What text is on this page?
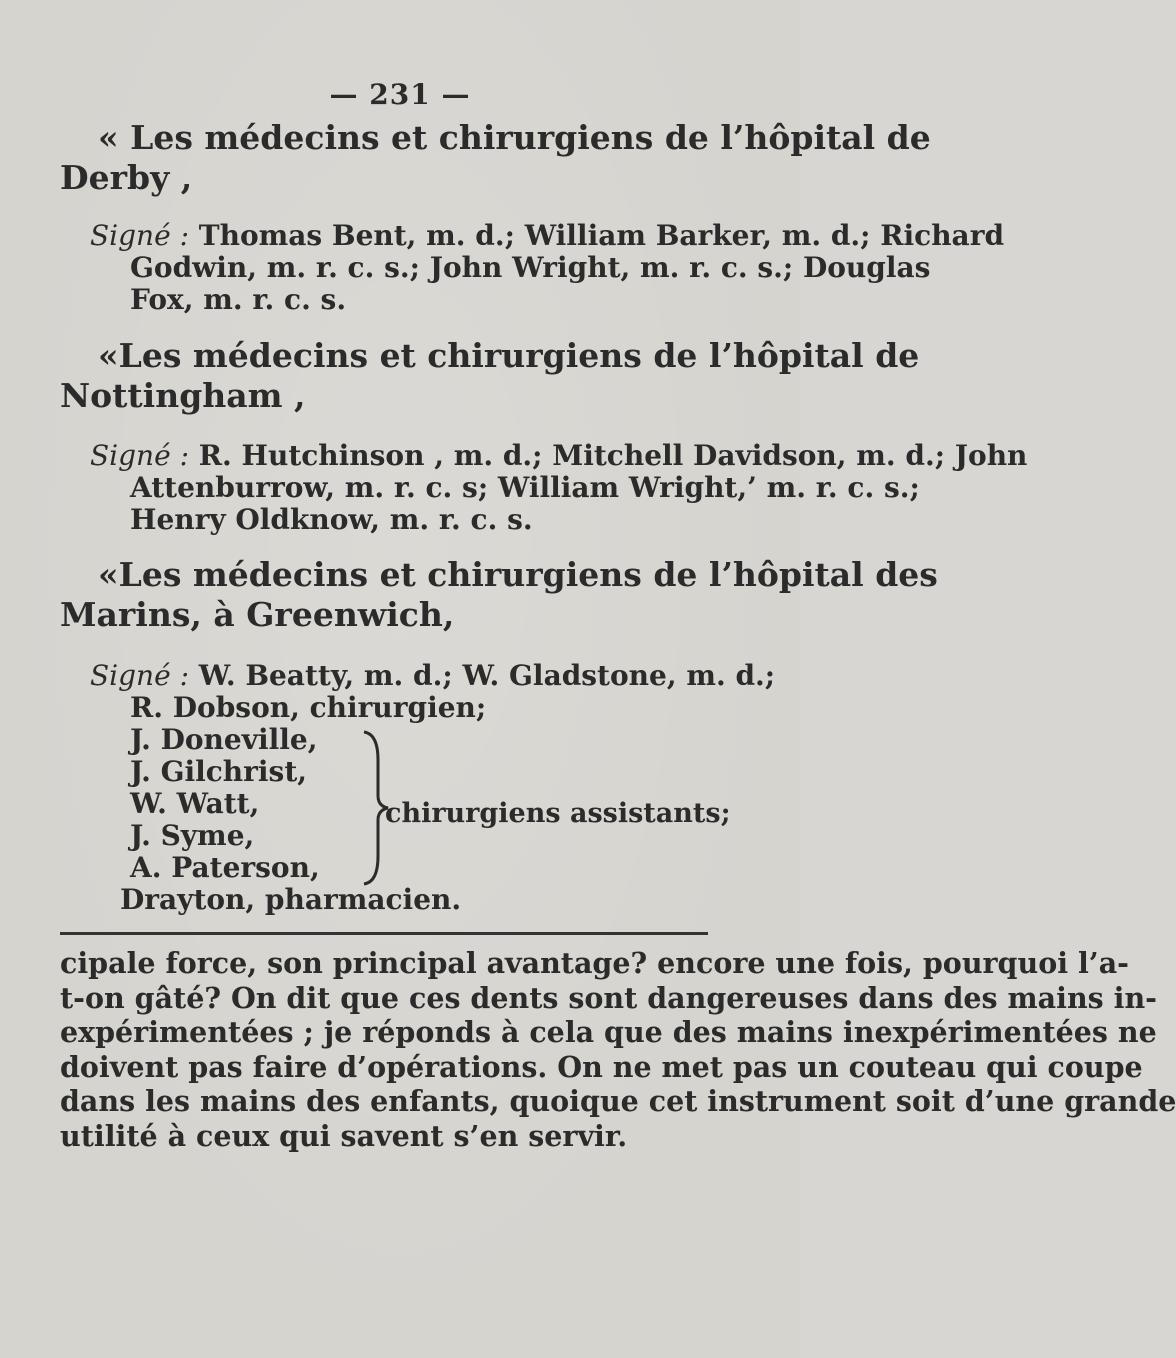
— 231 —
« Les médecins et chirurgiens de l’hôpital de
Derby ,
Signé : Thomas Bent, m. d.; William Barker, m. d.; Richard
Godwin, m. r. c. s.; John Wright, m. r. c. s.; Douglas
Fox, m. r. c. s.
«Les médecins et chirurgiens de l’hôpital de
Nottingham ,
Signé : R. Hutchinson , m. d.; Mitchell Davidson, m. d.; John
Attenburrow, m. r. c. s; William Wright,’ m. r. c. s.;
Henry Oldknow, m. r. c. s.
«Les médecins et chirurgiens de l’hôpital des
Marins, à Greenwich,
Signé : W. Beatty, m. d.; W. Gladstone, m. d.;
R. Dobson, chirurgien;
J. Doneville,
J. Gilchrist,
W. Watt,
J. Syme,
A. Paterson,
Drayton, pharmacien.
chirurgiens assistants;
cipale force, son principal avantage? encore une fois, pourquoi l’a-
t-on gâté? On dit que ces dents sont dangereuses dans des mains in-
expérimentées ; je réponds à cela que des mains inexpérimentées ne
doivent pas faire d’opérations. On ne met pas un couteau qui coupe
dans les mains des enfants, quoique cet instrument soit d’une grande
utilité à ceux qui savent s’en servir.
